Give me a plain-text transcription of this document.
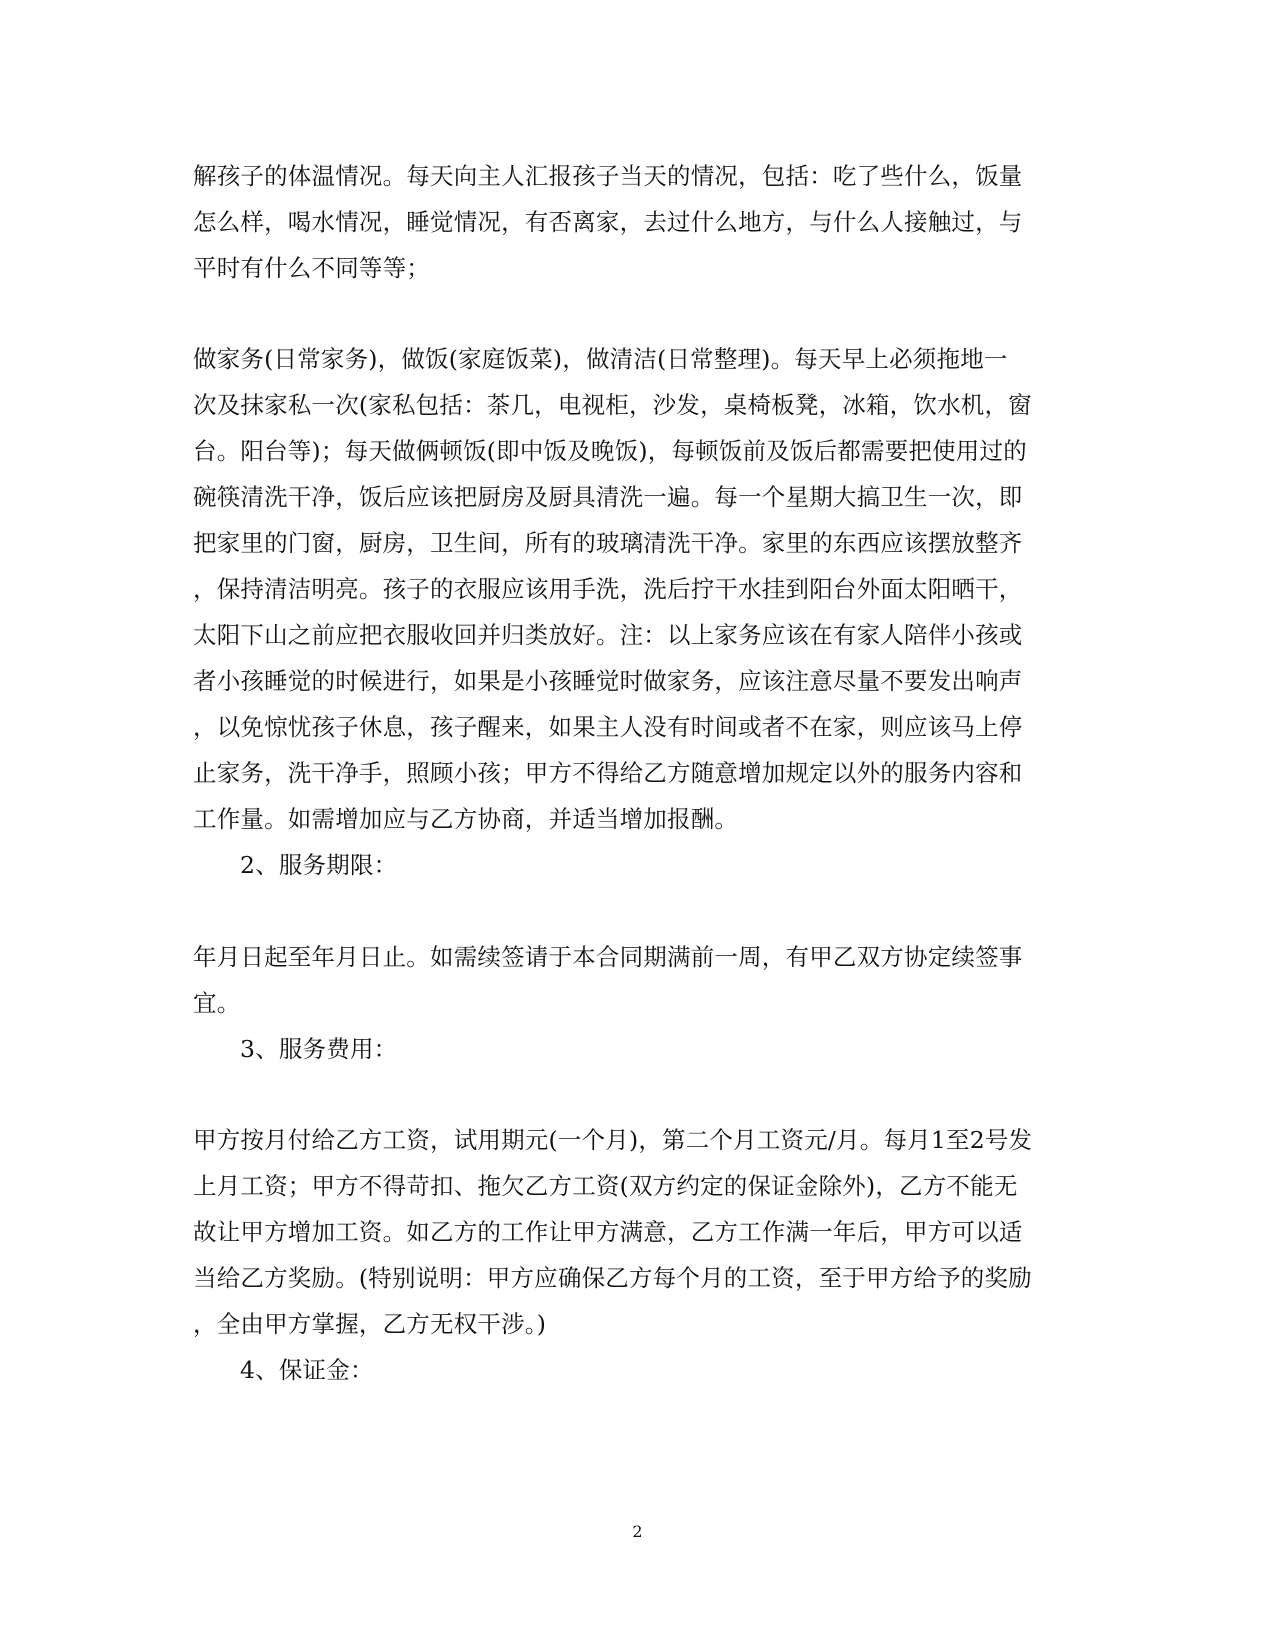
解孩子的体温情况。每天向主人汇报孩子当天的情况，包括：吃了些什么，饭量
怎么样，喝水情况，睡觉情况，有否离家，去过什么地方，与什么人接触过，与
平时有什么不同等等；
做家务(日常家务)，做饭(家庭饭菜)，做清洁(日常整理)。每天早上必须拖地一
次及抹家私一次(家私包括：茶几，电视柜，沙发，桌椅板凳，冰箱，饮水机，窗
台。阳台等)；每天做俩顿饭(即中饭及晚饭)，每顿饭前及饭后都需要把使用过的
碗筷清洗干净，饭后应该把厨房及厨具清洗一遍。每一个星期大搞卫生一次，即
把家里的门窗，厨房，卫生间，所有的玻璃清洗干净。家里的东西应该摆放整齐
，保持清洁明亮。孩子的衣服应该用手洗，洗后拧干水挂到阳台外面太阳晒干，
太阳下山之前应把衣服收回并归类放好。注：以上家务应该在有家人陪伴小孩或
者小孩睡觉的时候进行，如果是小孩睡觉时做家务，应该注意尽量不要发出响声
，以免惊忧孩子休息，孩子醒来，如果主人没有时间或者不在家，则应该马上停
止家务，洗干净手，照顾小孩；甲方不得给乙方随意增加规定以外的服务内容和
工作量。如需增加应与乙方协商，并适当增加报酬。
2、服务期限：
年月日起至年月日止。如需续签请于本合同期满前一周，有甲乙双方协定续签事
宜。
3、服务费用：
甲方按月付给乙方工资，试用期元(一个月)，第二个月工资元/月。每月1至2号发
上月工资；甲方不得苛扣、拖欠乙方工资(双方约定的保证金除外)，乙方不能无
故让甲方增加工资。如乙方的工作让甲方满意，乙方工作满一年后，甲方可以适
当给乙方奖励。(特别说明：甲方应确保乙方每个月的工资，至于甲方给予的奖励
，全由甲方掌握，乙方无权干涉。)
4、保证金：
2
